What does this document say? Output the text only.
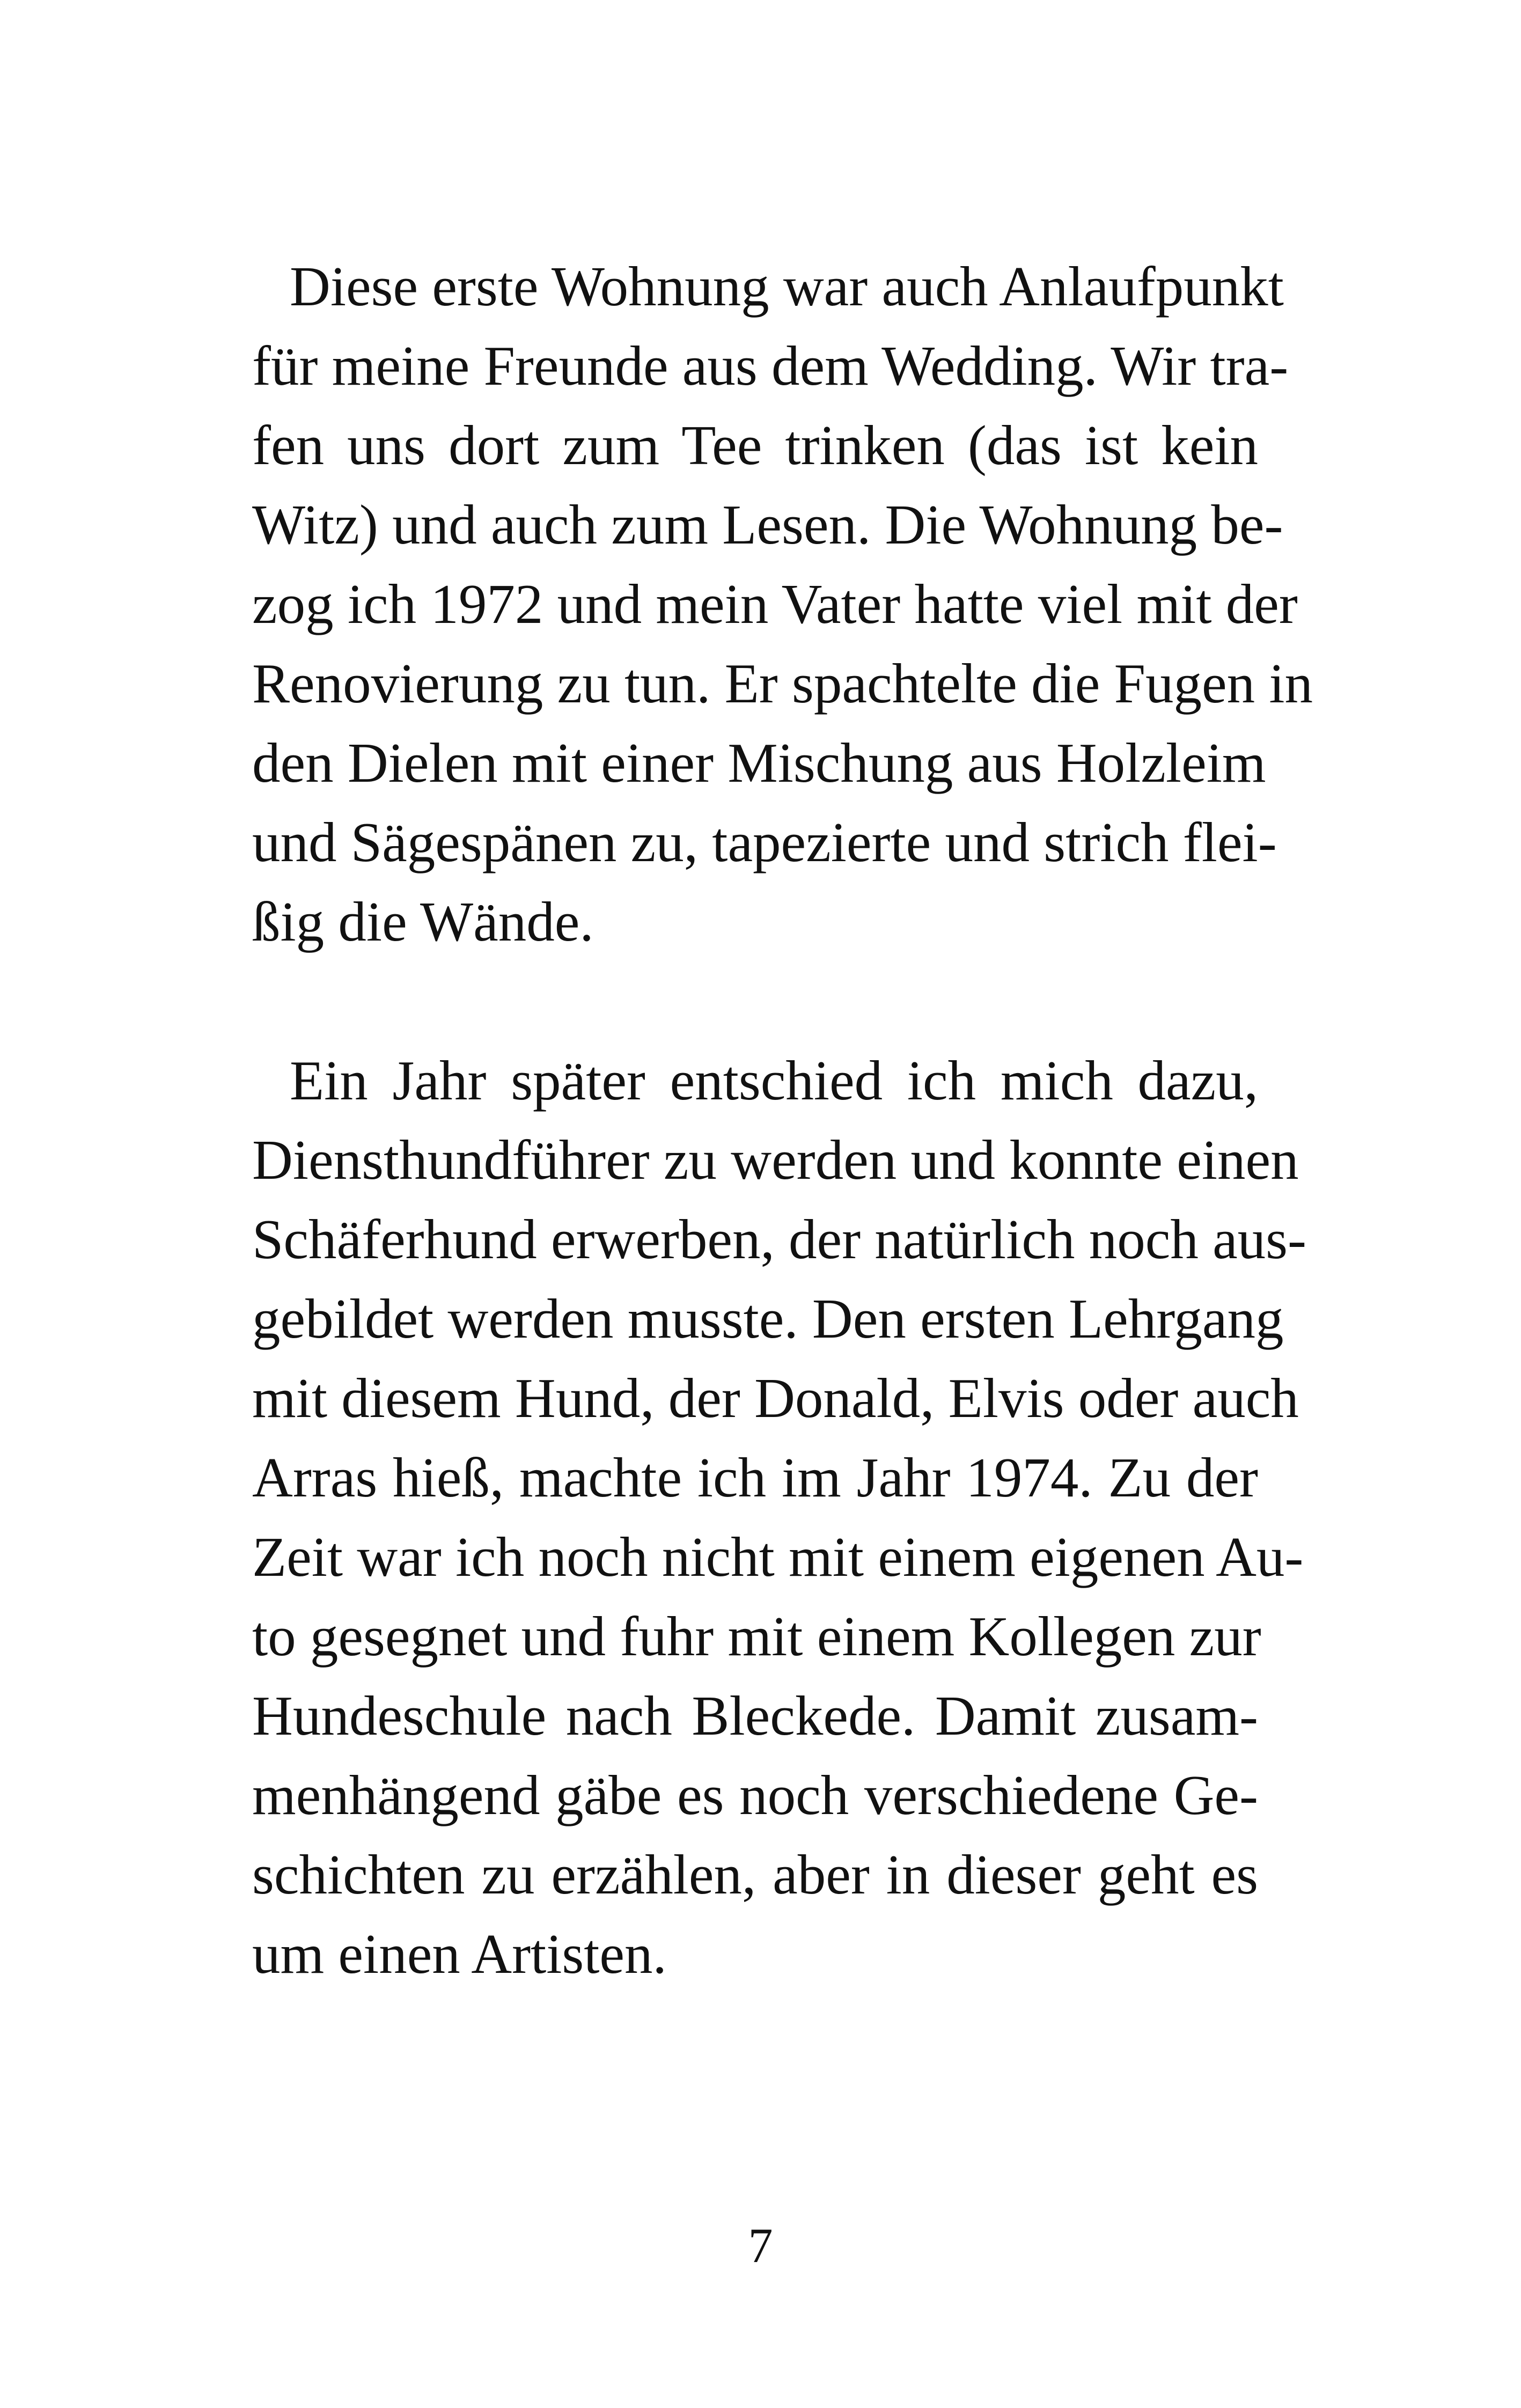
Diese erste Wohnung war auch Anlaufpunkt
für meine Freunde aus dem Wedding. Wir tra-
fen uns dort zum Tee trinken (das ist kein
Witz) und auch zum Lesen. Die Wohnung be-
zog ich 1972 und mein Vater hatte viel mit der
Renovierung zu tun. Er spachtelte die Fugen in
den Dielen mit einer Mischung aus Holzleim
und Sägespänen zu, tapezierte und strich flei-
ßig die Wände.
Ein Jahr später entschied ich mich dazu,
Diensthundführer zu werden und konnte einen
Schäferhund erwerben, der natürlich noch aus-
gebildet werden musste. Den ersten Lehrgang
mit diesem Hund, der Donald, Elvis oder auch
Arras hieß, machte ich im Jahr 1974. Zu der
Zeit war ich noch nicht mit einem eigenen Au-
to gesegnet und fuhr mit einem Kollegen zur
Hundeschule nach Bleckede. Damit zusam-
menhängend gäbe es noch verschiedene Ge-
schichten zu erzählen, aber in dieser geht es
um einen Artisten.
7
